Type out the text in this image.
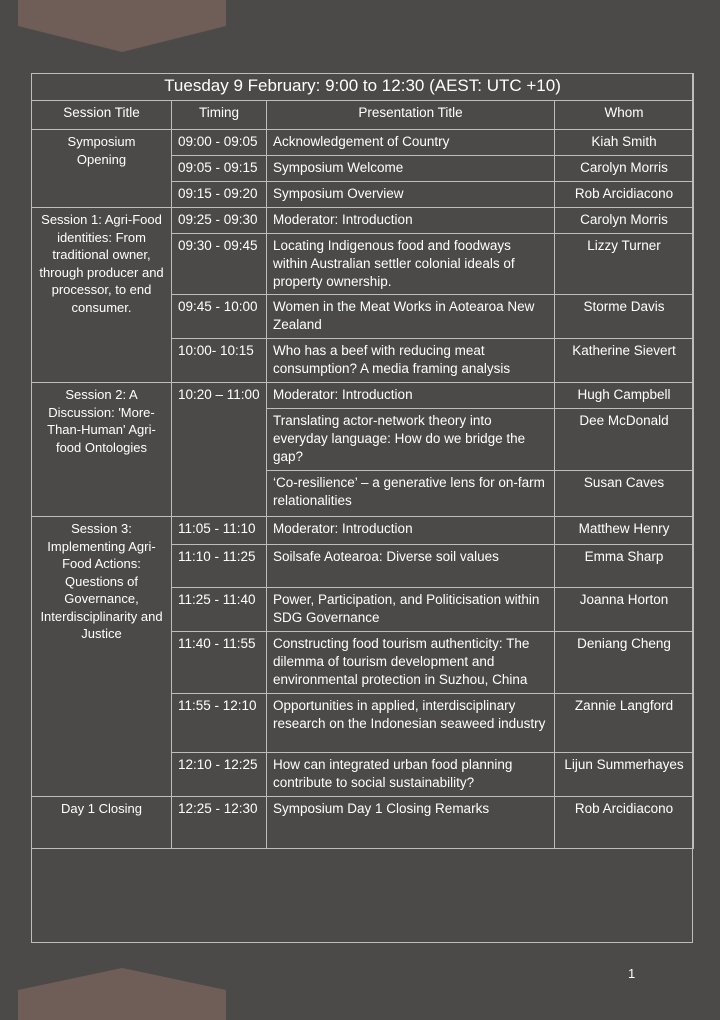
Tuesday 9 February: 9:00 to 12:30 (AEST: UTC +10)			
Session Title	Timing	Presentation Title	Whom
Symposium Opening	09:00 - 09:05	Acknowledgement of Country	Kiah Smith
	09:05 - 09:15	Symposium Welcome	Carolyn Morris
	09:15 - 09:20	Symposium Overview	Rob Arcidiacono
Session 1: Agri-Food identities: From traditional owner, through producer and processor, to end consumer.	09:25 - 09:30	Moderator: Introduction	Carolyn Morris
	09:30 - 09:45	Locating Indigenous food and foodways within Australian settler colonial ideals of property ownership.	Lizzy Turner
	09:45 - 10:00	Women in the Meat Works in Aotearoa New Zealand	Storme Davis
	10:00- 10:15	Who has a beef with reducing meat consumption? A media framing analysis	Katherine Sievert
Session 2: A Discussion: 'More-Than-Human' Agri-food Ontologies	10:20 – 11:00	Moderator: Introduction	Hugh Campbell
		Translating actor-network theory into everyday language: How do we bridge the gap?	Dee McDonald
		‘Co-resilience’ – a generative lens for on-farm relationalities	Susan Caves
Session 3: Implementing Agri-Food Actions: Questions of Governance, Interdisciplinarity and Justice	11:05 - 11:10	Moderator: Introduction	Matthew Henry
	11:10 - 11:25	Soilsafe Aotearoa: Diverse soil values	Emma Sharp
	11:25 - 11:40	Power, Participation, and Politicisation within SDG Governance	Joanna Horton
	11:40 - 11:55	Constructing food tourism authenticity: The dilemma of tourism development and environmental protection in Suzhou, China	Deniang Cheng
	11:55 - 12:10	Opportunities in applied, interdisciplinary research on the Indonesian seaweed industry	Zannie Langford
	12:10 - 12:25	How can integrated urban food planning contribute to social sustainability?	Lijun Summerhayes
Day 1 Closing	12:25 - 12:30	Symposium Day 1 Closing Remarks	Rob Arcidiacono
1
